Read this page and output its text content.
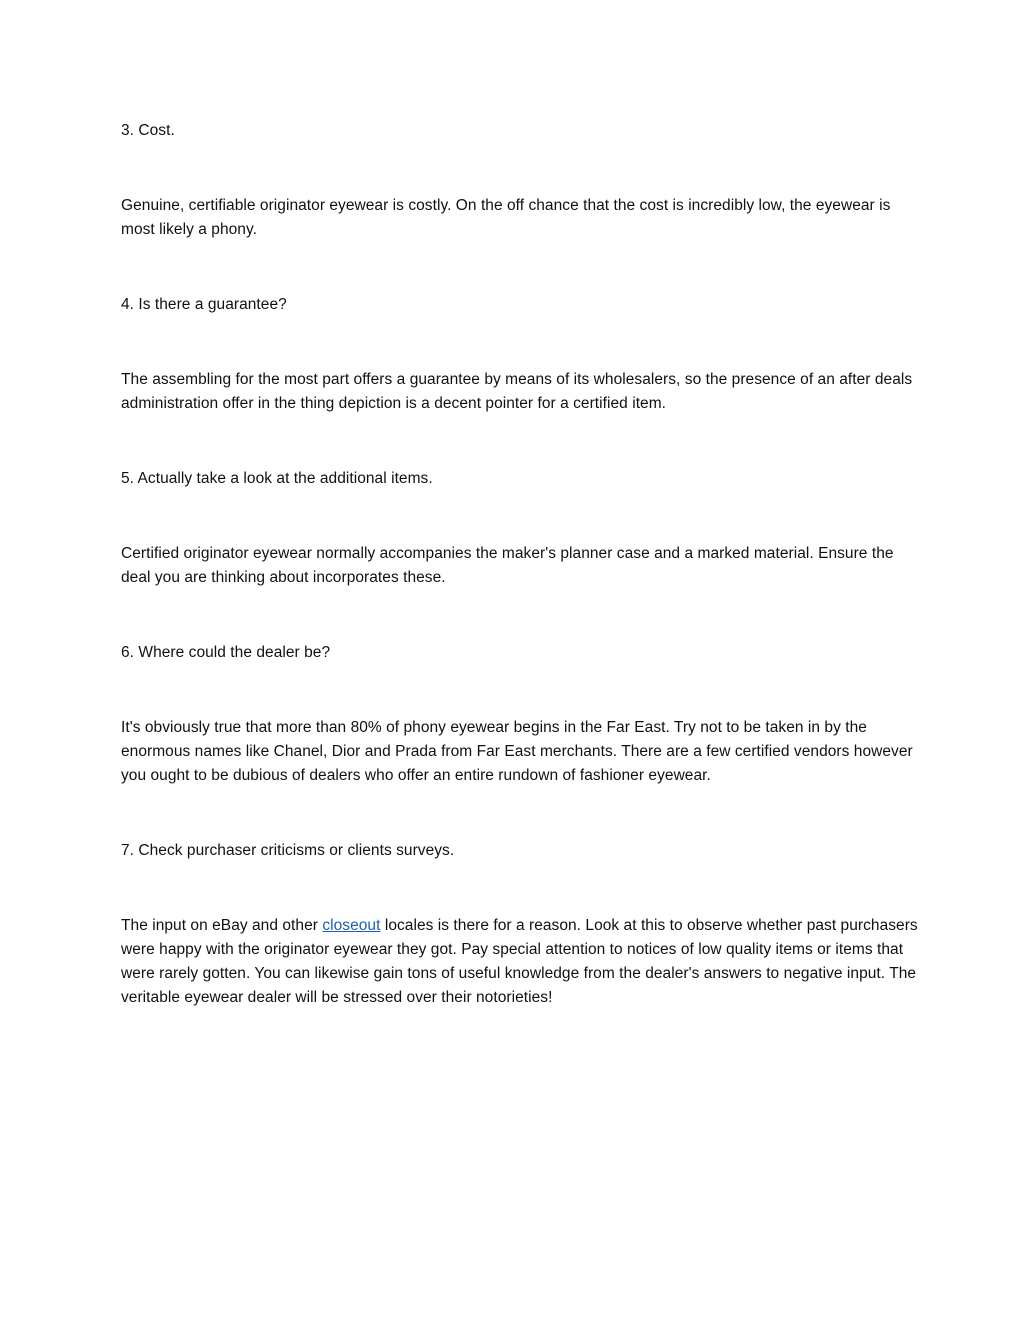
3. Cost.

Genuine, certifiable originator eyewear is costly. On the off chance that the cost is incredibly low, the eyewear is most likely a phony.

4. Is there a guarantee?

The assembling for the most part offers a guarantee by means of its wholesalers, so the presence of an after deals administration offer in the thing depiction is a decent pointer for a certified item.

5. Actually take a look at the additional items.

Certified originator eyewear normally accompanies the maker's planner case and a marked material. Ensure the deal you are thinking about incorporates these.

6. Where could the dealer be?

It's obviously true that more than 80% of phony eyewear begins in the Far East. Try not to be taken in by the enormous names like Chanel, Dior and Prada from Far East merchants. There are a few certified vendors however you ought to be dubious of dealers who offer an entire rundown of fashioner eyewear.

7. Check purchaser criticisms or clients surveys.

The input on eBay and other closeout locales is there for a reason. Look at this to observe whether past purchasers were happy with the originator eyewear they got. Pay special attention to notices of low quality items or items that were rarely gotten. You can likewise gain tons of useful knowledge from the dealer's answers to negative input. The veritable eyewear dealer will be stressed over their notorieties!
